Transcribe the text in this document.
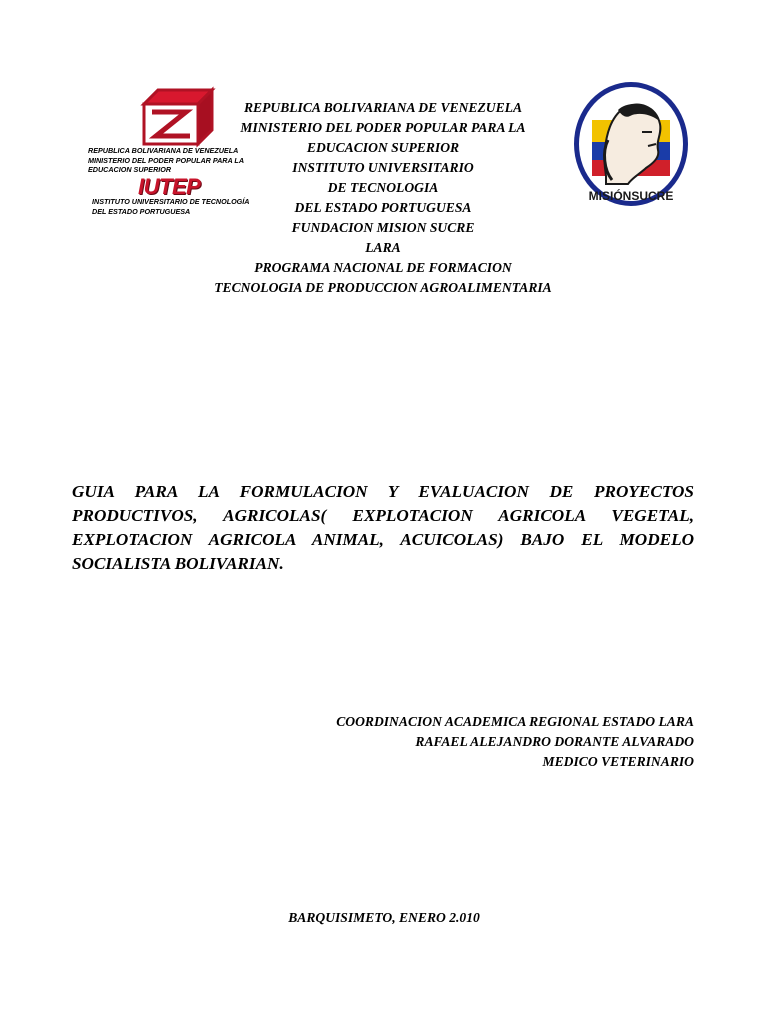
REPUBLICA BOLIVARIANA DE VENEZUELA
MINISTERIO DEL PODER POPULAR PARA LA
EDUCACION SUPERIOR
IUTEP
INSTITUTO UNIVERSITARIO DE TECNOLOGÍA
DEL ESTADO PORTUGUESA
REPUBLICA BOLIVARIANA DE VENEZUELA
MINISTERIO DEL PODER POPULAR PARA LA
EDUCACION SUPERIOR
INSTITUTO UNIVERSITARIO
DE TECNOLOGIA
DEL ESTADO PORTUGUESA
FUNDACION MISION SUCRE
LARA
PROGRAMA NACIONAL DE FORMACION
TECNOLOGIA DE PRODUCCION AGROALIMENTARIA
MISIÓNSUCRE
GUIA PARA LA FORMULACION Y EVALUACION DE PROYECTOS PRODUCTIVOS, AGRICOLAS( EXPLOTACION AGRICOLA VEGETAL, EXPLOTACION AGRICOLA ANIMAL, ACUICOLAS) BAJO EL MODELO SOCIALISTA BOLIVARIAN.
COORDINACION ACADEMICA REGIONAL ESTADO LARA
RAFAEL ALEJANDRO DORANTE ALVARADO
MEDICO VETERINARIO
BARQUISIMETO, ENERO 2.010
